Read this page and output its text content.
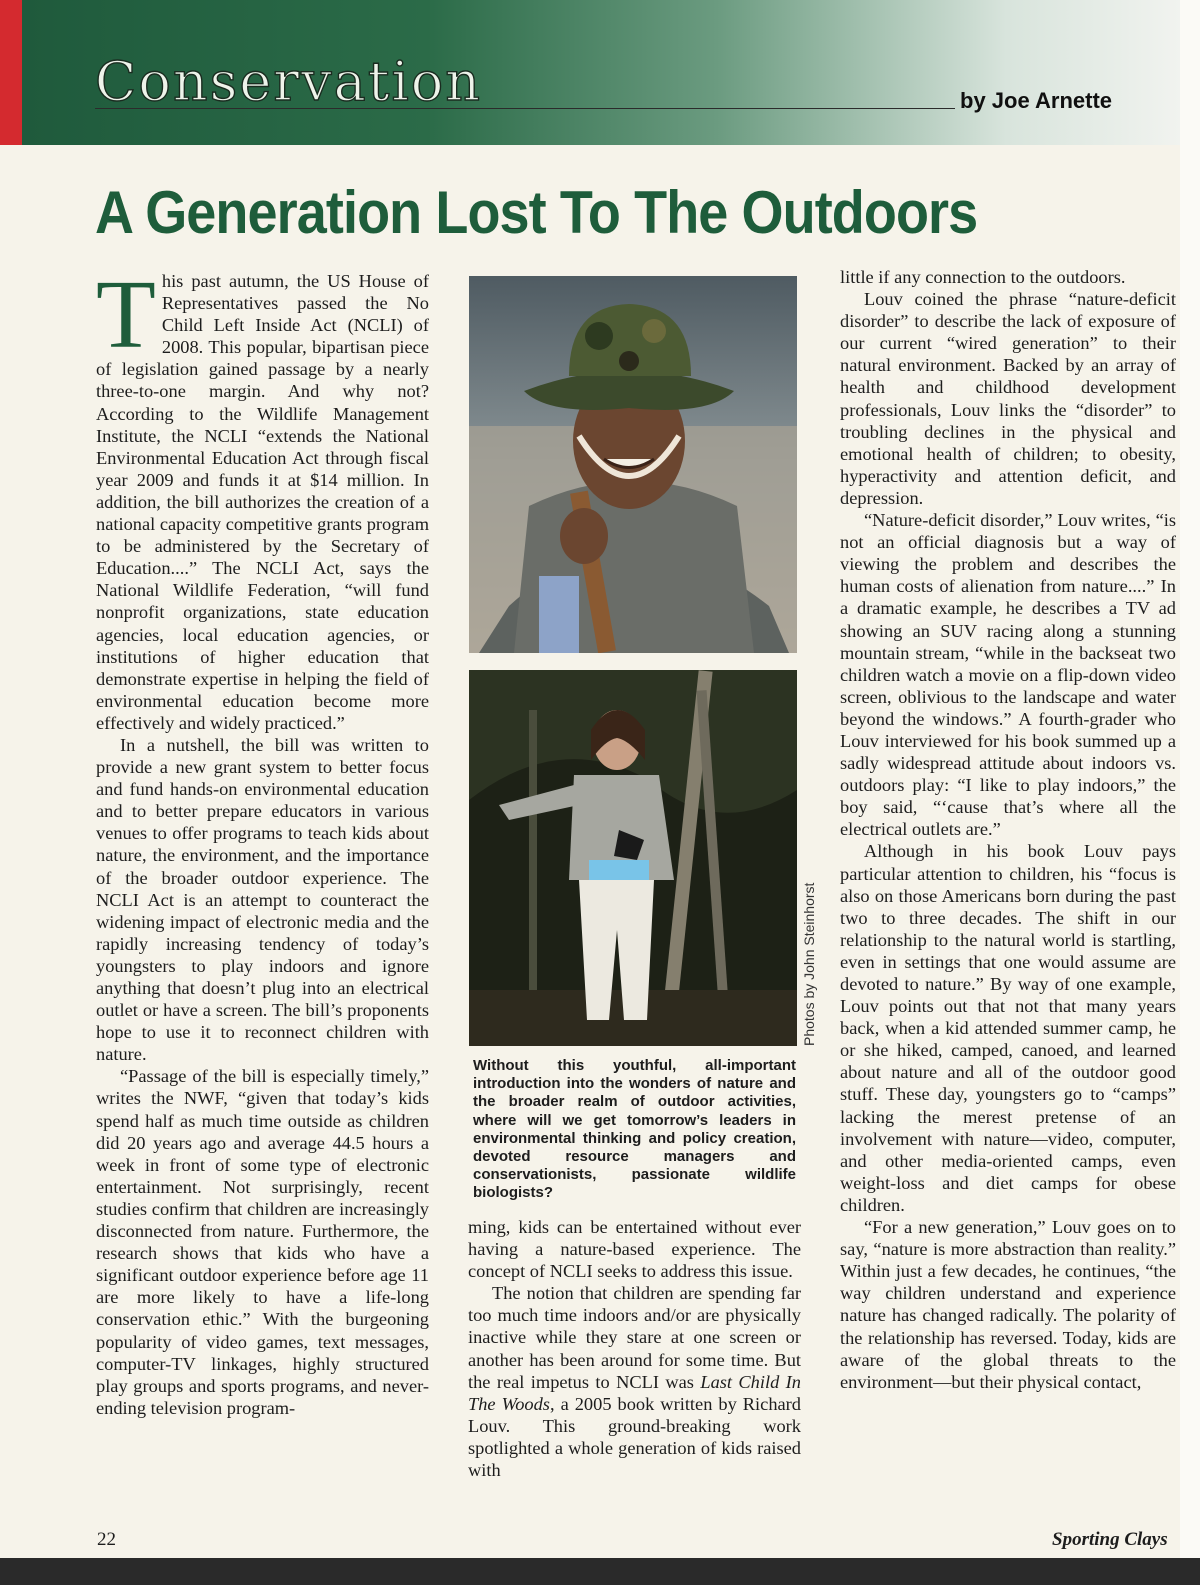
Conservation	by Joe Arnette
A Generation Lost To The Outdoors

This past autumn, the US House of Representatives passed the No Child Left Inside Act (NCLI) of 2008. This popular, bipartisan piece of legislation gained passage by a nearly three-to-one margin. And why not? According to the Wildlife Management Institute, the NCLI “extends the National Environmental Education Act through fiscal year 2009 and funds it at $14 million. In addition, the bill authorizes the creation of a national capacity competitive grants program to be administered by the Secretary of Education....” The NCLI Act, says the National Wildlife Federation, “will fund nonprofit organizations, state education agencies, local education agencies, or institutions of higher education that demonstrate expertise in helping the field of environmental education become more effectively and widely practiced.”

In a nutshell, the bill was written to provide a new grant system to better focus and fund hands-on environmental education and to better prepare educators in various venues to offer programs to teach kids about nature, the environment, and the importance of the broader outdoor experience. The NCLI Act is an attempt to counteract the widening impact of electronic media and the rapidly increasing tendency of today’s youngsters to play indoors and ignore anything that doesn’t plug into an electrical outlet or have a screen. The bill’s proponents hope to use it to reconnect children with nature.

“Passage of the bill is especially timely,” writes the NWF, “given that today’s kids spend half as much time outside as children did 20 years ago and average 44.5 hours a week in front of some type of electronic entertainment. Not surprisingly, recent studies confirm that children are increasingly disconnected from nature. Furthermore, the research shows that kids who have a significant outdoor experience before age 11 are more likely to have a life-long conservation ethic.” With the burgeoning popularity of video games, text messages, computer-TV linkages, highly structured play groups and sports programs, and never-ending television program-

Photos by John Steinhorst
Without this youthful, all-important introduction into the wonders of nature and the broader realm of outdoor activities, where will we get tomorrow’s leaders in environmental thinking and policy creation, devoted resource managers and conservationists, passionate wildlife biologists?

ming, kids can be entertained without ever having a nature-based experience. The concept of NCLI seeks to address this issue.

The notion that children are spending far too much time indoors and/or are physically inactive while they stare at one screen or another has been around for some time. But the real impetus to NCLI was Last Child In The Woods, a 2005 book written by Richard Louv. This ground-breaking work spotlighted a whole generation of kids raised with

little if any connection to the outdoors.

Louv coined the phrase “nature-deficit disorder” to describe the lack of exposure of our current “wired generation” to their natural environment. Backed by an array of health and childhood development professionals, Louv links the “disorder” to troubling declines in the physical and emotional health of children; to obesity, hyperactivity and attention deficit, and depression.

“Nature-deficit disorder,” Louv writes, “is not an official diagnosis but a way of viewing the problem and describes the human costs of alienation from nature....” In a dramatic example, he describes a TV ad showing an SUV racing along a stunning mountain stream, “while in the backseat two children watch a movie on a flip-down video screen, oblivious to the landscape and water beyond the windows.” A fourth-grader who Louv interviewed for his book summed up a sadly widespread attitude about indoors vs. outdoors play: “I like to play indoors,” the boy said, “‘cause that’s where all the electrical outlets are.”

Although in his book Louv pays particular attention to children, his “focus is also on those Americans born during the past two to three decades. The shift in our relationship to the natural world is startling, even in settings that one would assume are devoted to nature.” By way of one example, Louv points out that not that many years back, when a kid attended summer camp, he or she hiked, camped, canoed, and learned about nature and all of the outdoor good stuff. These day, youngsters go to “camps” lacking the merest pretense of an involvement with nature—video, computer, and other media-oriented camps, even weight-loss and diet camps for obese children.

“For a new generation,” Louv goes on to say, “nature is more abstraction than reality.” Within just a few decades, he continues, “the way children understand and experience nature has changed radically. The polarity of the relationship has reversed. Today, kids are aware of the global threats to the environment—but their physical contact,

22	Sporting Clays
